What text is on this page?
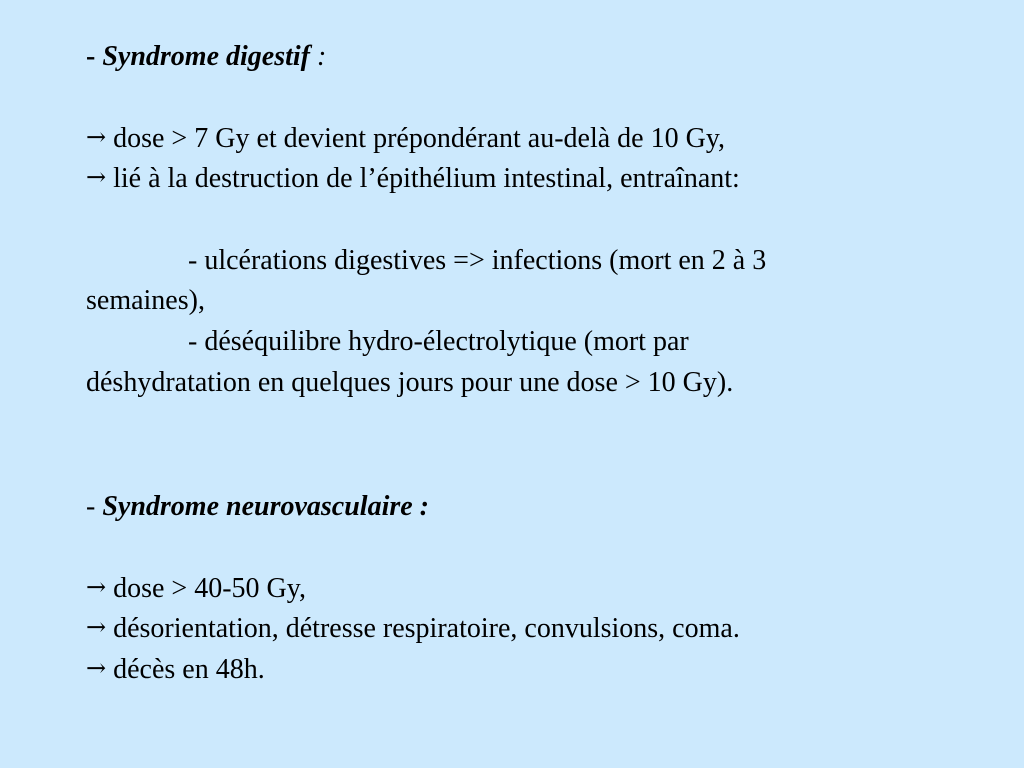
- Syndrome digestif :
→ dose > 7 Gy et devient prépondérant au-delà de 10 Gy,
→ lié à la destruction de l’épithélium intestinal, entraînant:
- ulcérations digestives => infections (mort en 2 à 3
semaines),
- déséquilibre hydro-électrolytique (mort par
déshydratation en quelques jours pour une dose > 10 Gy).
- Syndrome neurovasculaire :
→ dose > 40-50 Gy,
→ désorientation, détresse respiratoire, convulsions, coma.
→ décès en 48h.
